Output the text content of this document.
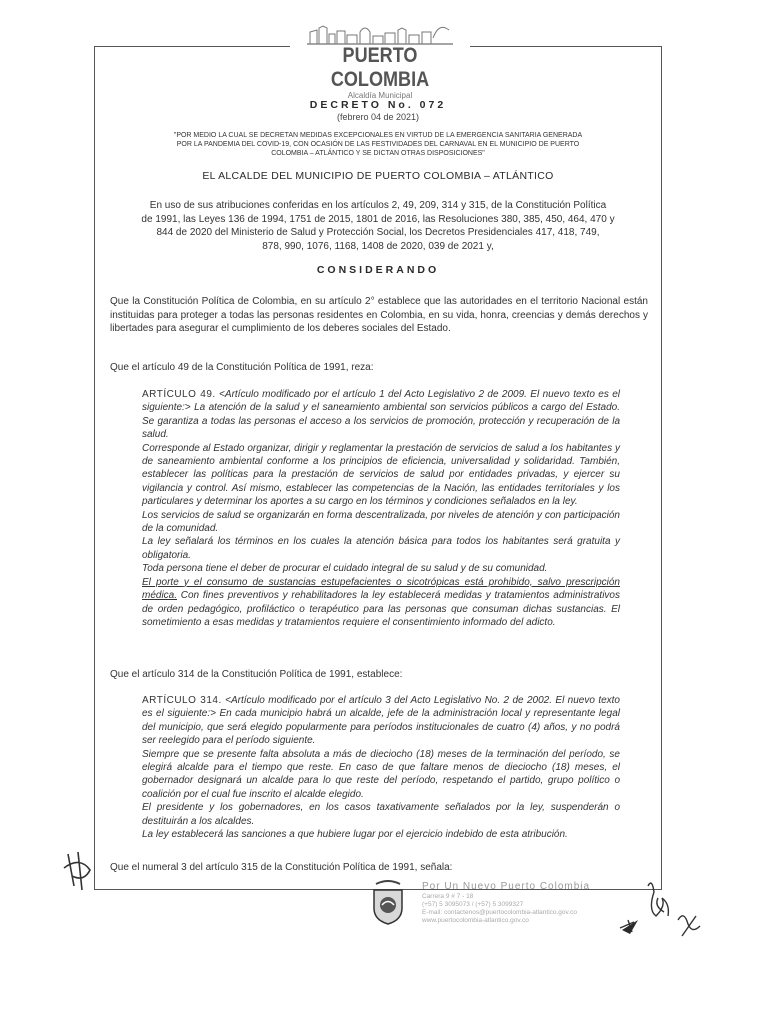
PUERTO COLOMBIA
Alcaldía Municipal
DECRETO No. 072
(febrero 04 de 2021)
"POR MEDIO LA CUAL SE DECRETAN MEDIDAS EXCEPCIONALES EN VIRTUD DE LA EMERGENCIA SANITARIA GENERADA
POR LA PANDEMIA DEL COVID-19, CON OCASIÓN DE LAS FESTIVIDADES DEL CARNAVAL EN EL MUNICIPIO DE PUERTO
COLOMBIA – ATLÁNTICO Y SE DICTAN OTRAS DISPOSICIONES"
EL ALCALDE DEL MUNICIPIO DE PUERTO COLOMBIA – ATLÁNTICO
En uso de sus atribuciones conferidas en los artículos 2, 49, 209, 314 y 315, de la Constitución Política
de 1991, las Leyes 136 de 1994, 1751 de 2015, 1801 de 2016, las Resoluciones 380, 385, 450, 464, 470 y
844 de 2020 del Ministerio de Salud y Protección Social, los Decretos Presidenciales 417, 418, 749,
878, 990, 1076, 1168, 1408 de 2020, 039 de 2021 y,
CONSIDERANDO
Que la Constitución Política de Colombia, en su artículo 2° establece que las autoridades en el territorio Nacional están instituidas para proteger a todas las personas residentes en Colombia, en su vida, honra, creencias y demás derechos y libertades para asegurar el cumplimiento de los deberes sociales del Estado.
Que el artículo 49 de la Constitución Política de 1991, reza:
ARTÍCULO 49. <Artículo modificado por el artículo 1 del Acto Legislativo 2 de 2009. El nuevo texto es el siguiente:> La atención de la salud y el saneamiento ambiental son servicios públicos a cargo del Estado. Se garantiza a todas las personas el acceso a los servicios de promoción, protección y recuperación de la salud.
Corresponde al Estado organizar, dirigir y reglamentar la prestación de servicios de salud a los habitantes y de saneamiento ambiental conforme a los principios de eficiencia, universalidad y solidaridad. También, establecer las políticas para la prestación de servicios de salud por entidades privadas, y ejercer su vigilancia y control. Así mismo, establecer las competencias de la Nación, las entidades territoriales y los particulares y determinar los aportes a su cargo en los términos y condiciones señalados en la ley.
Los servicios de salud se organizarán en forma descentralizada, por niveles de atención y con participación de la comunidad.
La ley señalará los términos en los cuales la atención básica para todos los habitantes será gratuita y obligatoria.
Toda persona tiene el deber de procurar el cuidado integral de su salud y de su comunidad.
El porte y el consumo de sustancias estupefacientes o sicotrópicas está prohibido, salvo prescripción médica. Con fines preventivos y rehabilitadores la ley establecerá medidas y tratamientos administrativos de orden pedagógico, profiláctico o terapéutico para las personas que consuman dichas sustancias. El sometimiento a esas medidas y tratamientos requiere el consentimiento informado del adicto.
Que el artículo 314 de la Constitución Política de 1991, establece:
ARTÍCULO 314. <Artículo modificado por el artículo 3 del Acto Legislativo No. 2 de 2002. El nuevo texto es el siguiente:> En cada municipio habrá un alcalde, jefe de la administración local y representante legal del municipio, que será elegido popularmente para períodos institucionales de cuatro (4) años, y no podrá ser reelegido para el período siguiente.
Siempre que se presente falta absoluta a más de dieciocho (18) meses de la terminación del período, se elegirá alcalde para el tiempo que reste. En caso de que faltare menos de dieciocho (18) meses, el gobernador designará un alcalde para lo que reste del período, respetando el partido, grupo político o coalición por el cual fue inscrito el alcalde elegido.
El presidente y los gobernadores, en los casos taxativamente señalados por la ley, suspenderán o destituirán a los alcaldes.
La ley establecerá las sanciones a que hubiere lugar por el ejercicio indebido de esta atribución.
Que el numeral 3 del artículo 315 de la Constitución Política de 1991, señala:
Por Un Nuevo Puerto Colombia
Carrera 9 # 7 - 18
(+57) 5 3095073 / (+57) 5 3099327
E-mail: contactenos@puertocolombia-atlantico.gov.co
www.puertocolombia-atlantico.gov.co
